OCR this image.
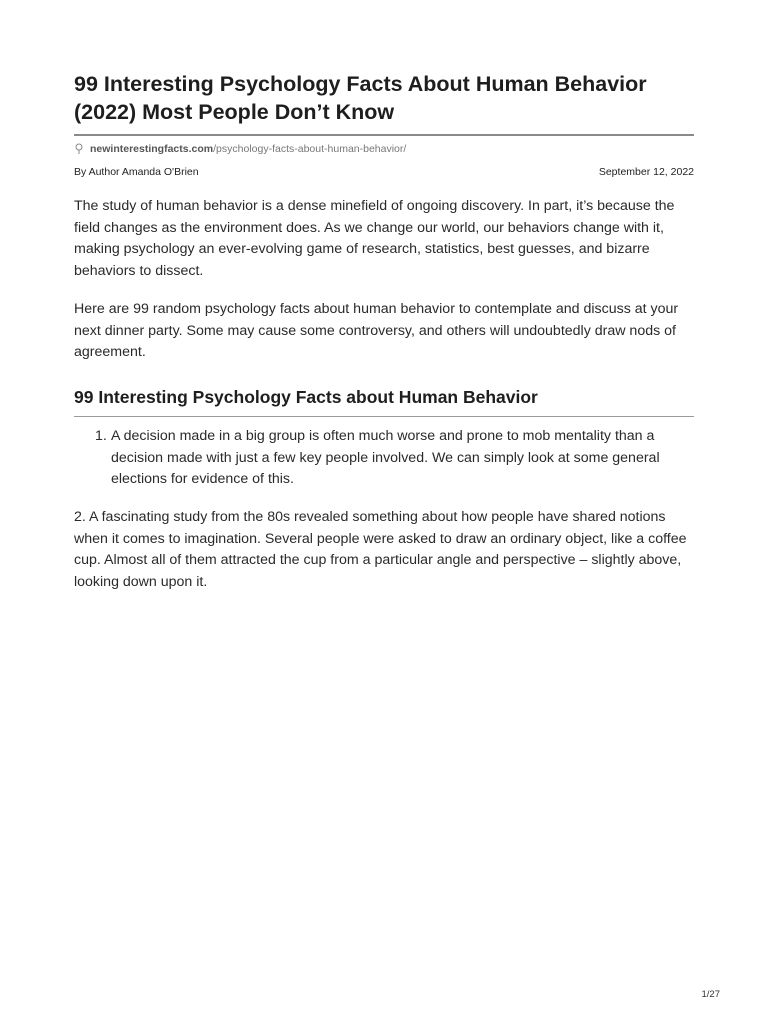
99 Interesting Psychology Facts About Human Behavior (2022) Most People Don’t Know
newinterestingfacts.com /psychology-facts-about-human-behavior/
By Author Amanda O'Brien	September 12, 2022

The study of human behavior is a dense minefield of ongoing discovery. In part, it’s because the field changes as the environment does. As we change our world, our behaviors change with it, making psychology an ever-evolving game of research, statistics, best guesses, and bizarre behaviors to dissect.

Here are 99 random psychology facts about human behavior to contemplate and discuss at your next dinner party. Some may cause some controversy, and others will undoubtedly draw nods of agreement.

99 Interesting Psychology Facts about Human Behavior
1. A decision made in a big group is often much worse and prone to mob mentality than a decision made with just a few key people involved. We can simply look at some general elections for evidence of this.

2. A fascinating study from the 80s revealed something about how people have shared notions when it comes to imagination. Several people were asked to draw an ordinary object, like a coffee cup. Almost all of them attracted the cup from a particular angle and perspective – slightly above, looking down upon it.

1/27
